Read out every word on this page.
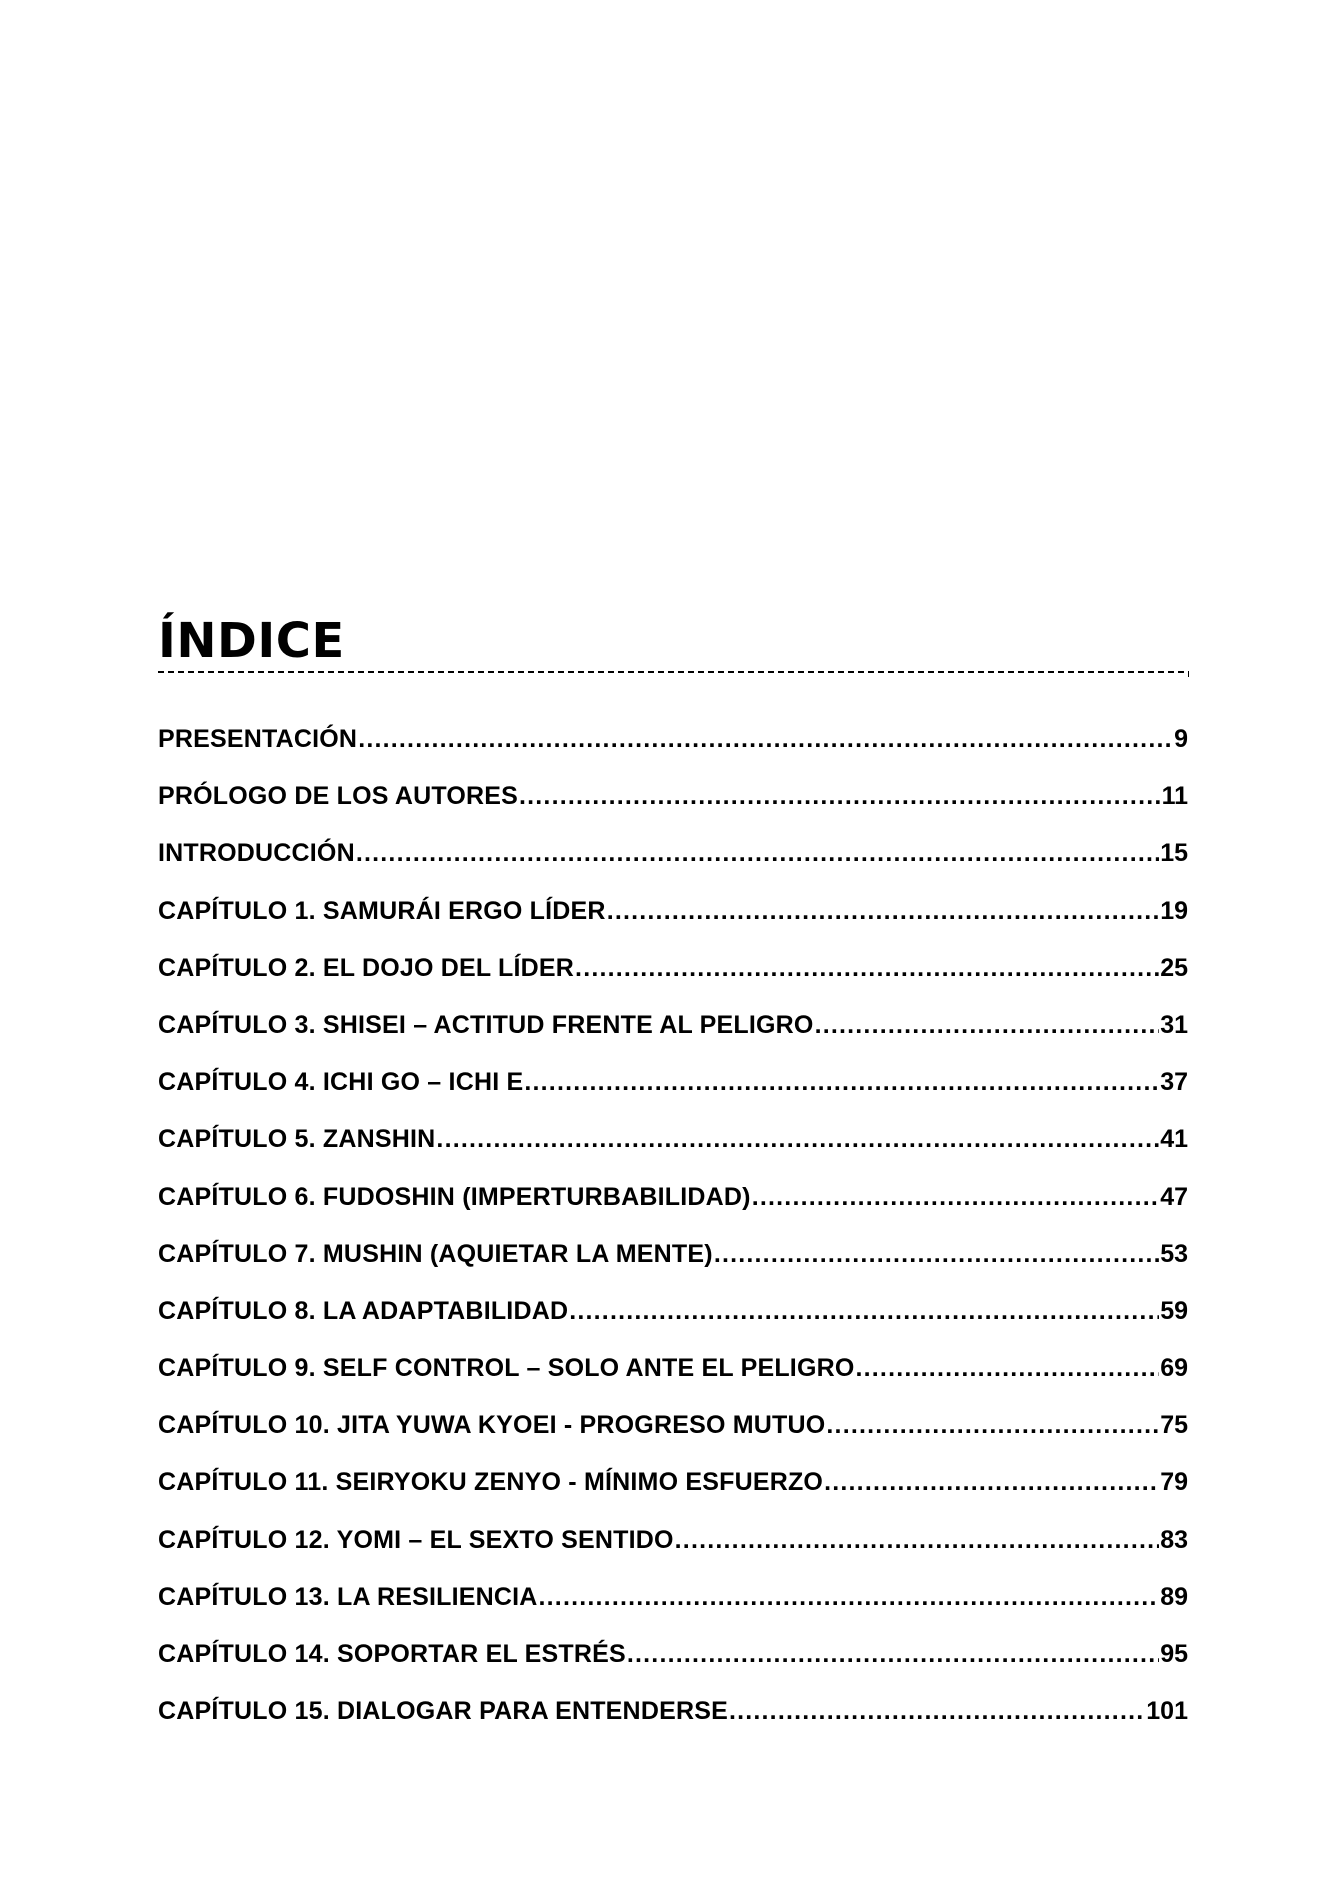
ÍNDICE
PRESENTACIÓN .....	9
PRÓLOGO DE LOS AUTORES .....	11
INTRODUCCIÓN .....	15
CAPÍTULO 1. SAMURÁI ERGO LÍDER .....	19
CAPÍTULO 2. EL DOJO DEL LÍDER .....	25
CAPÍTULO 3. SHISEI – ACTITUD FRENTE AL PELIGRO .....	31
CAPÍTULO 4. ICHI GO – ICHI E .....	37
CAPÍTULO 5. ZANSHIN .....	41
CAPÍTULO 6. FUDOSHIN (IMPERTURBABILIDAD) .....	47
CAPÍTULO 7. MUSHIN (AQUIETAR LA MENTE) .....	53
CAPÍTULO 8. LA ADAPTABILIDAD .....	59
CAPÍTULO 9. SELF CONTROL – SOLO ANTE EL PELIGRO .....	69
CAPÍTULO 10. JITA YUWA KYOEI - PROGRESO MUTUO .....	75
CAPÍTULO 11. SEIRYOKU ZENYO - MÍNIMO ESFUERZO .....	79
CAPÍTULO 12. YOMI – EL SEXTO SENTIDO .....	83
CAPÍTULO 13. LA RESILIENCIA .....	89
CAPÍTULO 14. SOPORTAR EL ESTRÉS .....	95
CAPÍTULO 15. DIALOGAR PARA ENTENDERSE .....	101
